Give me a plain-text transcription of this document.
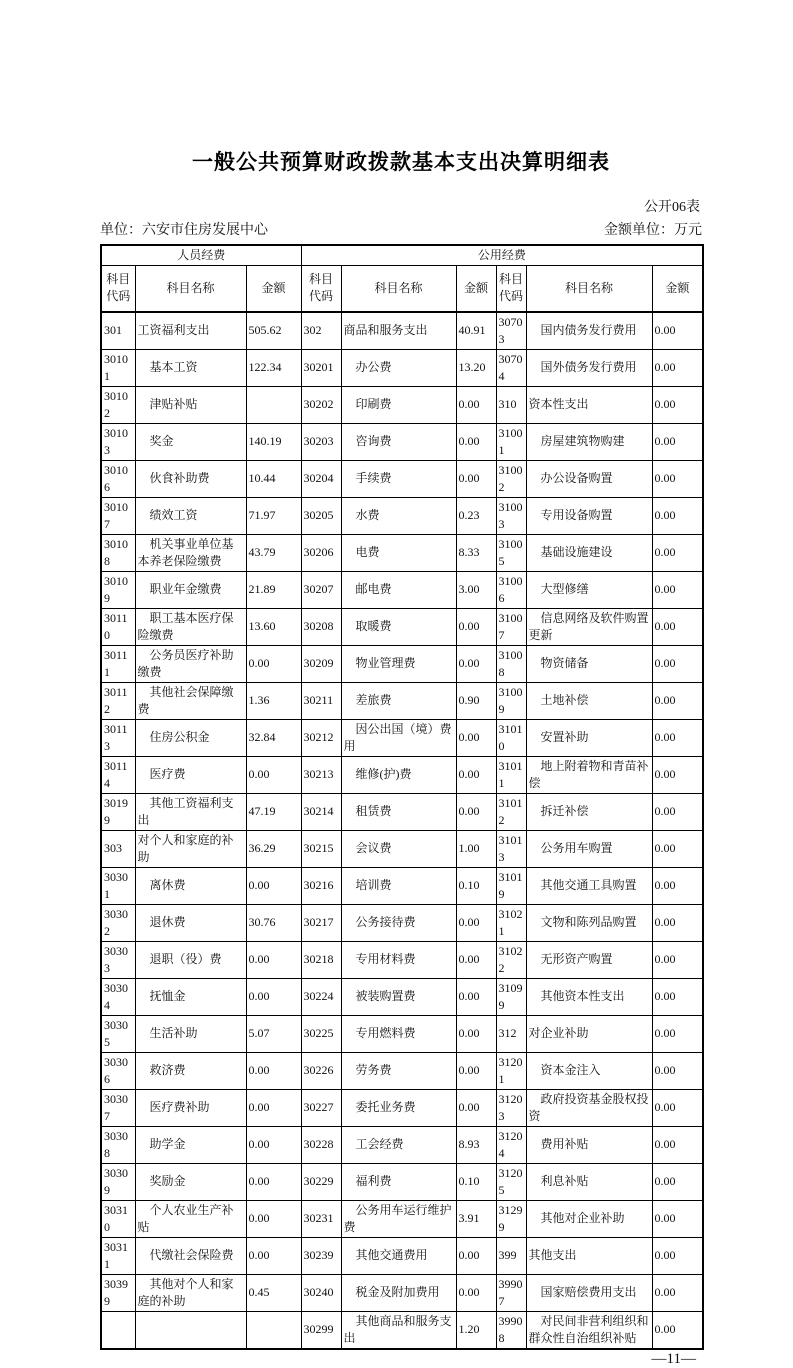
一般公共预算财政拨款基本支出决算明细表
公开06表
单位：六安市住房发展中心	金额单位：万元
人员经费			公用经费					
科目代码	科目名称	金额	科目代码	科目名称	金额	科目代码	科目名称	金额
301	工资福利支出	505.62	302	商品和服务支出	40.91	30703	国内债务发行费用	0.00
30101	基本工资	122.34	30201	办公费	13.20	30704	国外债务发行费用	0.00
30102	津贴补贴		30202	印刷费	0.00	310	资本性支出	0.00
30103	奖金	140.19	30203	咨询费	0.00	31001	房屋建筑物购建	0.00
30106	伙食补助费	10.44	30204	手续费	0.00	31002	办公设备购置	0.00
30107	绩效工资	71.97	30205	水费	0.23	31003	专用设备购置	0.00
30108	机关事业单位基本养老保险缴费	43.79	30206	电费	8.33	31005	基础设施建设	0.00
30109	职业年金缴费	21.89	30207	邮电费	3.00	31006	大型修缮	0.00
30110	职工基本医疗保险缴费	13.60	30208	取暖费	0.00	31007	信息网络及软件购置更新	0.00
30111	公务员医疗补助缴费	0.00	30209	物业管理费	0.00	31008	物资储备	0.00
30112	其他社会保障缴费	1.36	30211	差旅费	0.90	31009	土地补偿	0.00
30113	住房公积金	32.84	30212	因公出国（境）费用	0.00	31010	安置补助	0.00
30114	医疗费	0.00	30213	维修(护)费	0.00	31011	地上附着物和青苗补偿	0.00
30199	其他工资福利支出	47.19	30214	租赁费	0.00	31012	拆迁补偿	0.00
303	对个人和家庭的补助	36.29	30215	会议费	1.00	31013	公务用车购置	0.00
30301	离休费	0.00	30216	培训费	0.10	31019	其他交通工具购置	0.00
30302	退休费	30.76	30217	公务接待费	0.00	31021	文物和陈列品购置	0.00
30303	退职（役）费	0.00	30218	专用材料费	0.00	31022	无形资产购置	0.00
30304	抚恤金	0.00	30224	被装购置费	0.00	31099	其他资本性支出	0.00
30305	生活补助	5.07	30225	专用燃料费	0.00	312	对企业补助	0.00
30306	救济费	0.00	30226	劳务费	0.00	31201	资本金注入	0.00
30307	医疗费补助	0.00	30227	委托业务费	0.00	31203	政府投资基金股权投资	0.00
30308	助学金	0.00	30228	工会经费	8.93	31204	费用补贴	0.00
30309	奖励金	0.00	30229	福利费	0.10	31205	利息补贴	0.00
30310	个人农业生产补贴	0.00	30231	公务用车运行维护费	3.91	31299	其他对企业补助	0.00
30311	代缴社会保险费	0.00	30239	其他交通费用	0.00	399	其他支出	0.00
30399	其他对个人和家庭的补助	0.45	30240	税金及附加费用	0.00	39907	国家赔偿费用支出	0.00
			30299	其他商品和服务支出	1.20	39908	对民间非营利组织和群众性自治组织补贴	0.00
—11—
